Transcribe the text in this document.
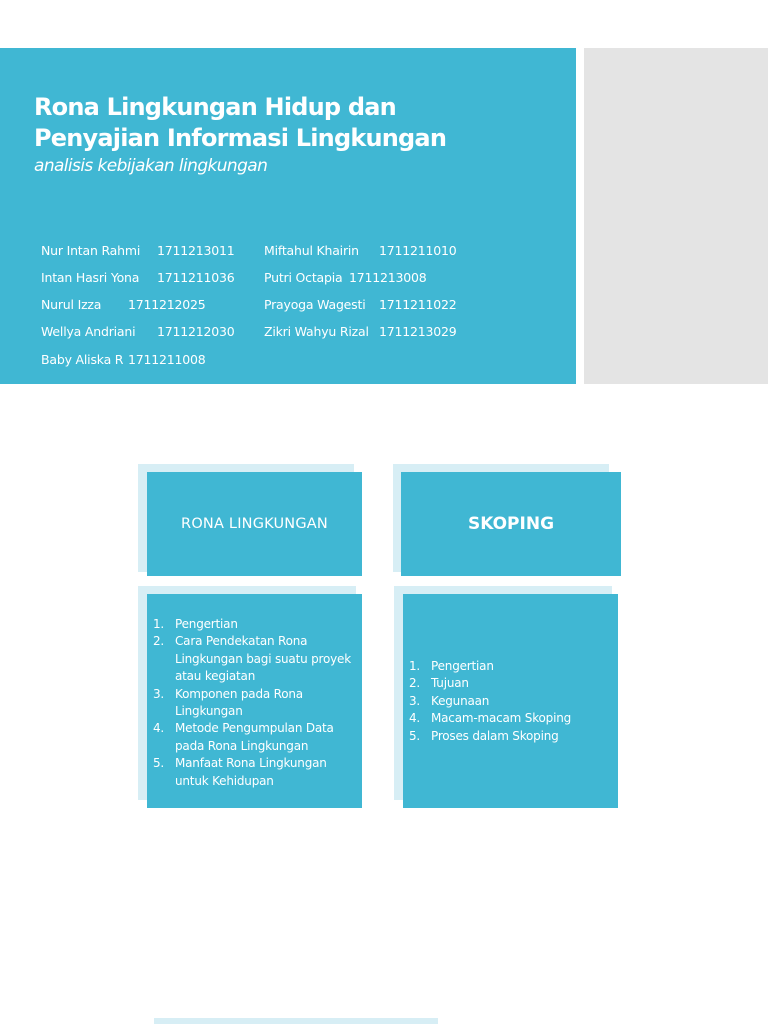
Rona Lingkungan Hidup dan
Penyajian Informasi Lingkungan
analisis kebijakan lingkungan
Nur Intan Rahmi 1711213011
Intan Hasri Yona 1711211036
Nurul Izza 1711212025
Wellya Andriani 1711212030
Baby Aliska R 1711211008
Miftahul Khairin 1711211010
Putri Octapia 1711213008
Prayoga Wagesti 1711211022
Zikri Wahyu Rizal 1711213029
RONA LINGKUNGAN	SKOPING
1. Pengertian
2. Cara Pendekatan Rona Lingkungan bagi suatu proyek atau kegiatan
3. Komponen pada Rona Lingkungan
4. Metode Pengumpulan Data pada Rona Lingkungan
5. Manfaat Rona Lingkungan untuk Kehidupan
1. Pengertian
2. Tujuan
3. Kegunaan
4. Macam-macam Skoping
5. Proses dalam Skoping
